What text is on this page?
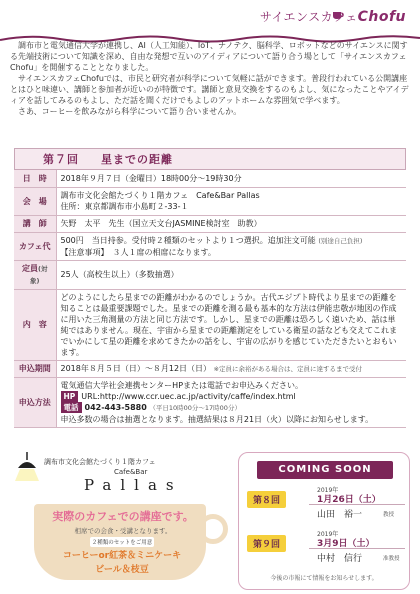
サイエンスカフェChofu

調布市と電気通信大学が連携し、AI（人工知能）、IoT、ナノテク、脳科学、ロボットなどのサイエンスに関する先端技術について知識を深め、自由な発想で互いのアイディアについて語り合う場として「サイエンスカフェChofu」を開催することとなりました。

サイエンスカフェChofuでは、市民と研究者が科学について気軽に話ができます。普段行われている公開講座とはひと味違い、講師と参加者が近いのが特徴です。講師と意見交換をするのもよし、気になったことやアイディアを話してみるのもよし、ただ話を聞くだけでもよしのアットホームな雰囲気で学べます。

さあ、コーヒーを飲みながら科学について語り合いませんか。

第７回 星までの距離
日　時	2018年９月７日（金曜日）18時00分～19時30分
会　場	調布市文化会館たづくり１階カフェ　Cafe&Bar Pallas
住所：東京都調布市小島町２-33-１

講　師	矢野　太平　先生（国立天文台JASMINE検討室　助教）
カフェ代	500円　当日持参。受付時２種類のセットより１つ選択。追加注文可能 (別途自己負担)
【注意事項】　３人１席の相席になります。

定員(対象)	25人（高校生以上）（多数抽選）
内　容	どのようにしたら星までの距離がわかるのでしょうか。古代エジプト時代より星までの距離を知ることは最重要課題でした。星までの距離を測る最も基本的な方法は伊能忠敬が地図の作成に用いた三角測量の方法と同じ方法です。しかし、星までの距離は恐ろしく遠いため、話は単純ではありません。現在、宇宙から星までの距離測定をしている衛星の話なども交えてこれまでいかにして星の距離を求めてきたかの話をし、宇宙の広がりを感じていただきたいとおもいます。
申込期間	2018年８月５日（日）～８月12日（日） ※定員に余裕がある場合は、定員に達するまで受付
申込方法	電気通信大学社会連携センターHPまたは電話でお申込みください。
HP URL:http://www.ccr.uec.ac.jp/activity/caffe/index.html
電話 042-443-5880 （平日10時00分～17時00分）
申込多数の場合は抽選となります。抽選結果は８月21日（火）以降にお知らせします。
調布市文化会館たづくり１階カフェ
Cafe&Bar
Pallas
実際のカフェでの講座です。
相席での会食・受講となります。
２種類のセットをご用意
コーヒーor紅茶＆ミニケーキ
ビール＆枝豆
COMING SOON
第８回
2019年
1月26日（土）
山田　裕一	教授
第９回
2019年
3月9日（土）
中村　信行	准教授
今後の市報にて情報をお知らせします。
